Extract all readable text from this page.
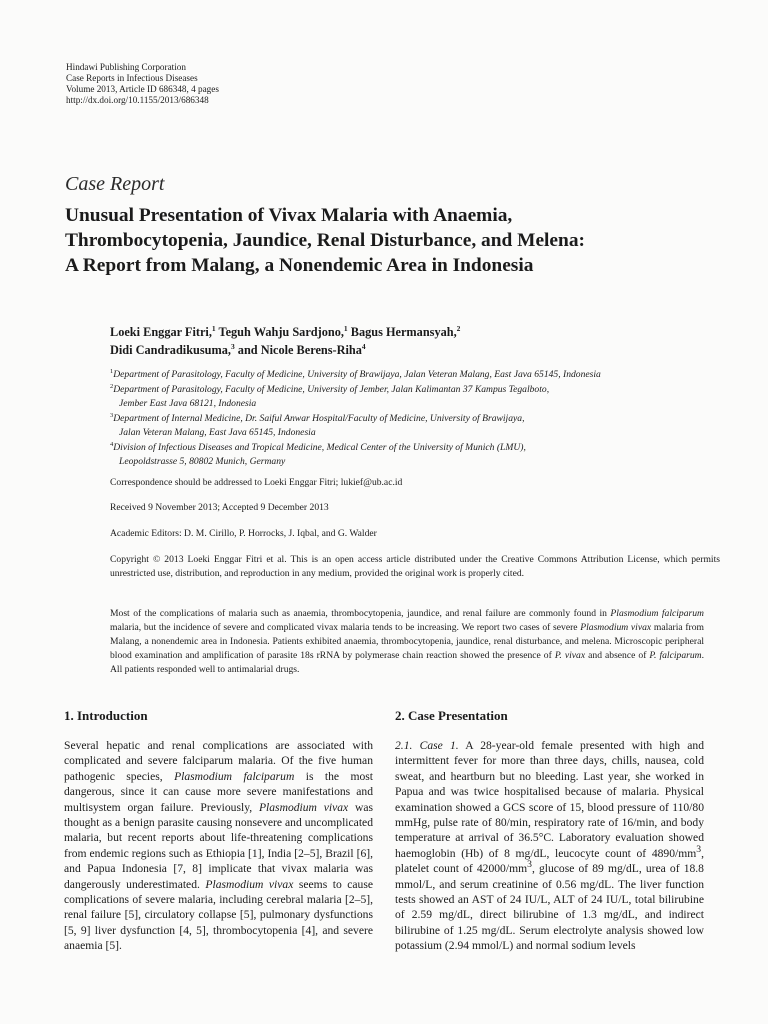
Hindawi Publishing Corporation
Case Reports in Infectious Diseases
Volume 2013, Article ID 686348, 4 pages
http://dx.doi.org/10.1155/2013/686348
Case Report
Unusual Presentation of Vivax Malaria with Anaemia,
Thrombocytopenia, Jaundice, Renal Disturbance, and Melena:
A Report from Malang, a Nonendemic Area in Indonesia
Loeki Enggar Fitri,$^1$ Teguh Wahju Sardjono,$^1$ Bagus Hermansyah,$^2$
Didi Candradikusuma,$^3$ and Nicole Berens-Riha$^4$
$^1$Department of Parasitology, Faculty of Medicine, University of Brawijaya, Jalan Veteran Malang, East Java 65145, Indonesia
$^2$Department of Parasitology, Faculty of Medicine, University of Jember, Jalan Kalimantan 37 Kampus Tegalboto,
Jember East Java 68121, Indonesia
$^3$Department of Internal Medicine, Dr. Saiful Anwar Hospital/Faculty of Medicine, University of Brawijaya,
Jalan Veteran Malang, East Java 65145, Indonesia
$^4$Division of Infectious Diseases and Tropical Medicine, Medical Center of the University of Munich (LMU),
Leopoldstrasse 5, 80802 Munich, Germany
Correspondence should be addressed to Loeki Enggar Fitri; lukief@ub.ac.id
Received 9 November 2013; Accepted 9 December 2013
Academic Editors: D. M. Cirillo, P. Horrocks, J. Iqbal, and G. Walder
Copyright © 2013 Loeki Enggar Fitri et al. This is an open access article distributed under the Creative Commons Attribution License, which permits unrestricted use, distribution, and reproduction in any medium, provided the original work is properly cited.

Most of the complications of malaria such as anaemia, thrombocytopenia, jaundice, and renal failure are commonly found in Plasmodium falciparum malaria, but the incidence of severe and complicated vivax malaria tends to be increasing. We report two cases of severe Plasmodium vivax malaria from Malang, a nonendemic area in Indonesia. Patients exhibited anaemia, thrombocytopenia, jaundice, renal disturbance, and melena. Microscopic peripheral blood examination and amplification of parasite 18s rRNA by polymerase chain reaction showed the presence of P. vivax and absence of P. falciparum. All patients responded well to antimalarial drugs.

1. Introduction

Several hepatic and renal complications are associated with complicated and severe falciparum malaria. Of the five human pathogenic species, Plasmodium falciparum is the most dangerous, since it can cause more severe manifestations and multisystem organ failure. Previously, Plasmodium vivax was thought as a benign parasite causing nonsevere and uncomplicated malaria, but recent reports about life-threatening complications from endemic regions such as Ethiopia [1], India [2–5], Brazil [6], and Papua Indonesia [7, 8] implicate that vivax malaria was dangerously underestimated. Plasmodium vivax seems to cause complications of severe malaria, including cerebral malaria [2–5], renal failure [5], circulatory collapse [5], pulmonary dysfunctions [5, 9] liver dysfunction [4, 5], thrombocytopenia [4], and severe anaemia [5].

2. Case Presentation

2.1. Case 1. A 28-year-old female presented with high and intermittent fever for more than three days, chills, nausea, cold sweat, and heartburn but no bleeding. Last year, she worked in Papua and was twice hospitalised because of malaria. Physical examination showed a GCS score of 15, blood pressure of 110/80 mmHg, pulse rate of 80/min, respiratory rate of 16/min, and body temperature at arrival of 36.5°C. Laboratory evaluation showed haemoglobin (Hb) of 8 mg/dL, leucocyte count of $4890/mm^3$, platelet count of $42000/mm^3$, glucose of 89 mg/dL, urea of 18.8 mmol/L, and serum creatinine of 0.56 mg/dL. The liver function tests showed an AST of 24 IU/L, ALT of 24 IU/L, total bilirubine of 2.59 mg/dL, direct bilirubine of 1.3 mg/dL, and indirect bilirubine of 1.25 mg/dL. Serum electrolyte analysis showed low potassium (2.94 mmol/L) and normal sodium levels
